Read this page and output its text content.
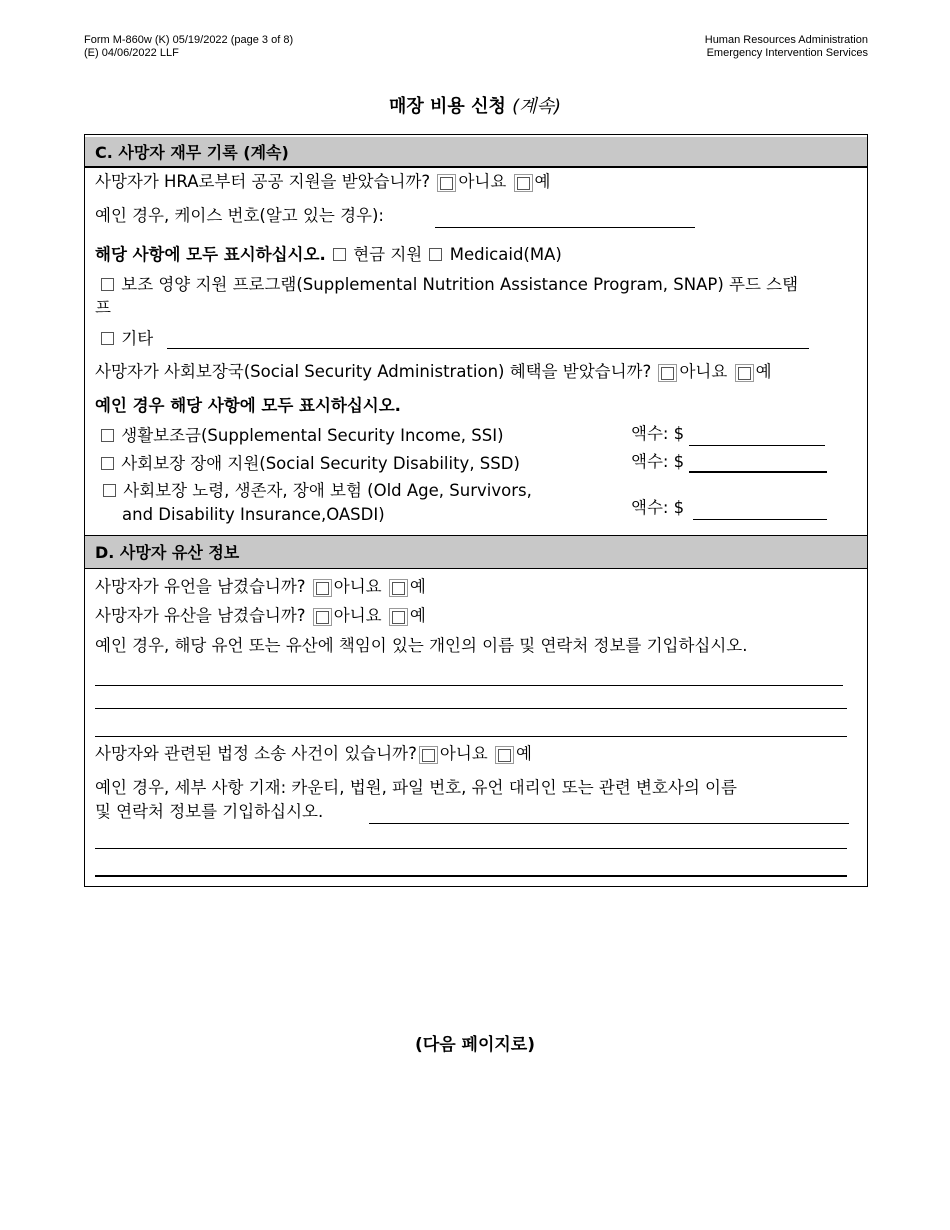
Form M-860w (K) 05/19/2022 (page 3 of 8)
(E) 04/06/2022 LLF
Human Resources Administration
Emergency Intervention Services
매장 비용 신청 (계속)
C. 사망자 재무 기록 (계속)
사망자가 HRA로부터 공공 지원을 받았습니까? 아니요 예
예인 경우, 케이스 번호(알고 있는 경우):
해당 사항에 모두 표시하십시오. 현금 지원 Medicaid(MA)
보조 영양 지원 프로그램(Supplemental Nutrition Assistance Program, SNAP) 푸드 스탬
프
기타
사망자가 사회보장국(Social Security Administration) 혜택을 받았습니까? 아니요 예
예인 경우 해당 사항에 모두 표시하십시오.
생활보조금(Supplemental Security Income, SSI)	액수: $
사회보장 장애 지원(Social Security Disability, SSD)	액수: $
사회보장 노령, 생존자, 장애 보험 (Old Age, Survivors,
and Disability Insurance,OASDI)	액수: $
D. 사망자 유산 정보
사망자가 유언을 남겼습니까? 아니요 예
사망자가 유산을 남겼습니까? 아니요 예
예인 경우, 해당 유언 또는 유산에 책임이 있는 개인의 이름 및 연락처 정보를 기입하십시오.
사망자와 관련된 법정 소송 사건이 있습니까? 아니요 예
예인 경우, 세부 사항 기재: 카운티, 법원, 파일 번호, 유언 대리인 또는 관련 변호사의 이름
및 연락처 정보를 기입하십시오.
(다음 페이지로)
